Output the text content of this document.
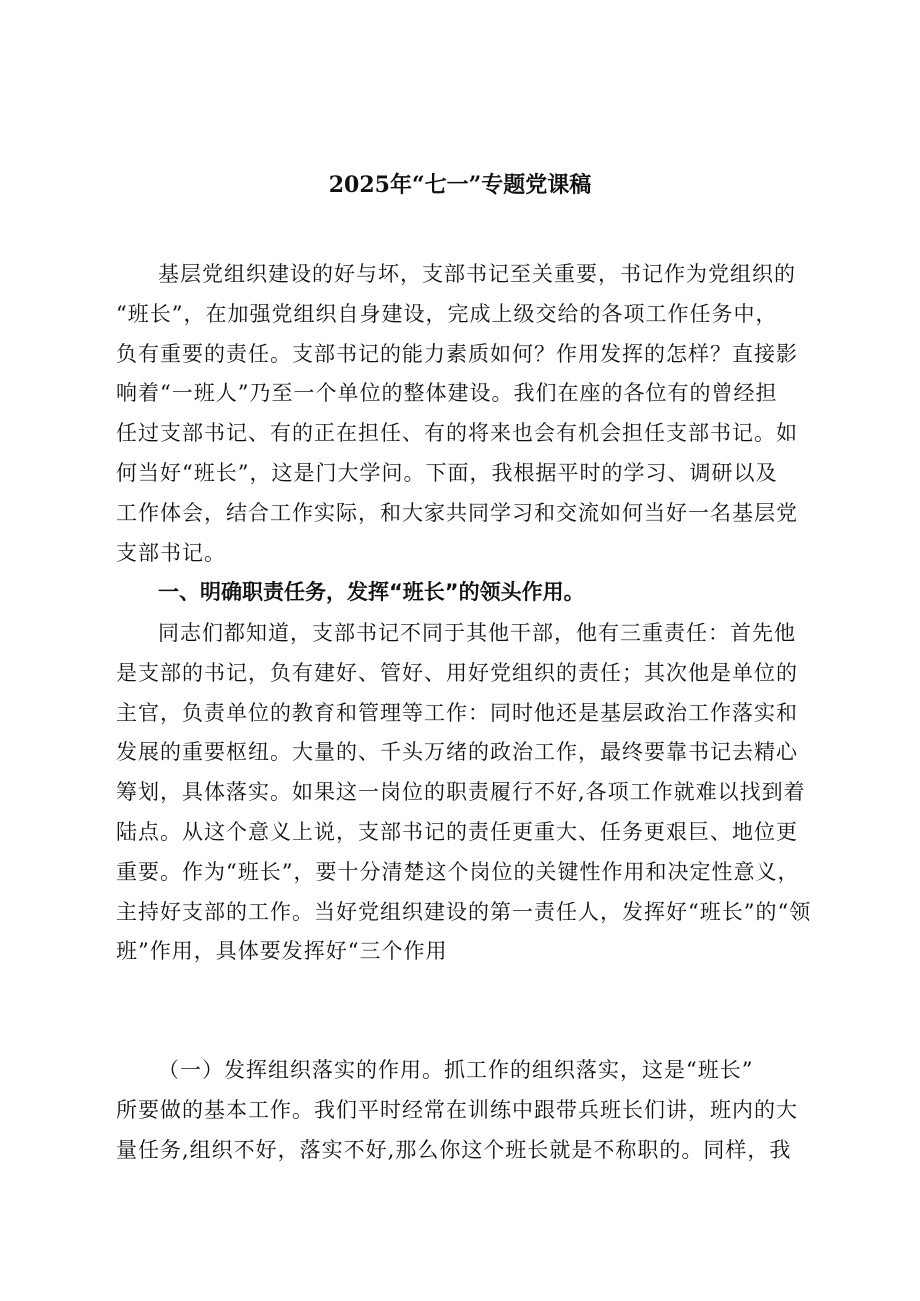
2025年“七一”专题党课稿
基层党组织建设的好与坏，支部书记至关重要，书记作为党组织的
“班长”，在加强党组织自身建设，完成上级交给的各项工作任务中，
负有重要的责任。支部书记的能力素质如何？作用发挥的怎样？直接影
响着“一班人”乃至一个单位的整体建设。我们在座的各位有的曾经担
任过支部书记、有的正在担任、有的将来也会有机会担任支部书记。如
何当好“班长”，这是门大学问。下面，我根据平时的学习、调研以及
工作体会，结合工作实际，和大家共同学习和交流如何当好一名基层党
支部书记。
一、明确职责任务，发挥“班长”的领头作用。
同志们都知道，支部书记不同于其他干部，他有三重责任：首先他
是支部的书记，负有建好、管好、用好党组织的责任；其次他是单位的
主官，负责单位的教育和管理等工作：同时他还是基层政治工作落实和
发展的重要枢纽。大量的、千头万绪的政治工作，最终要靠书记去精心
筹划，具体落实。如果这一岗位的职责履行不好,各项工作就难以找到着
陆点。从这个意义上说，支部书记的责任更重大、任务更艰巨、地位更
重要。作为“班长”，要十分清楚这个岗位的关键性作用和决定性意义，
主持好支部的工作。当好党组织建设的第一责任人，发挥好“班长”的“领
班”作用，具体要发挥好“三个作用
（一）发挥组织落实的作用。抓工作的组织落实，这是“班长”
所要做的基本工作。我们平时经常在训练中跟带兵班长们讲，班内的大
量任务,组织不好，落实不好,那么你这个班长就是不称职的。同样，我
